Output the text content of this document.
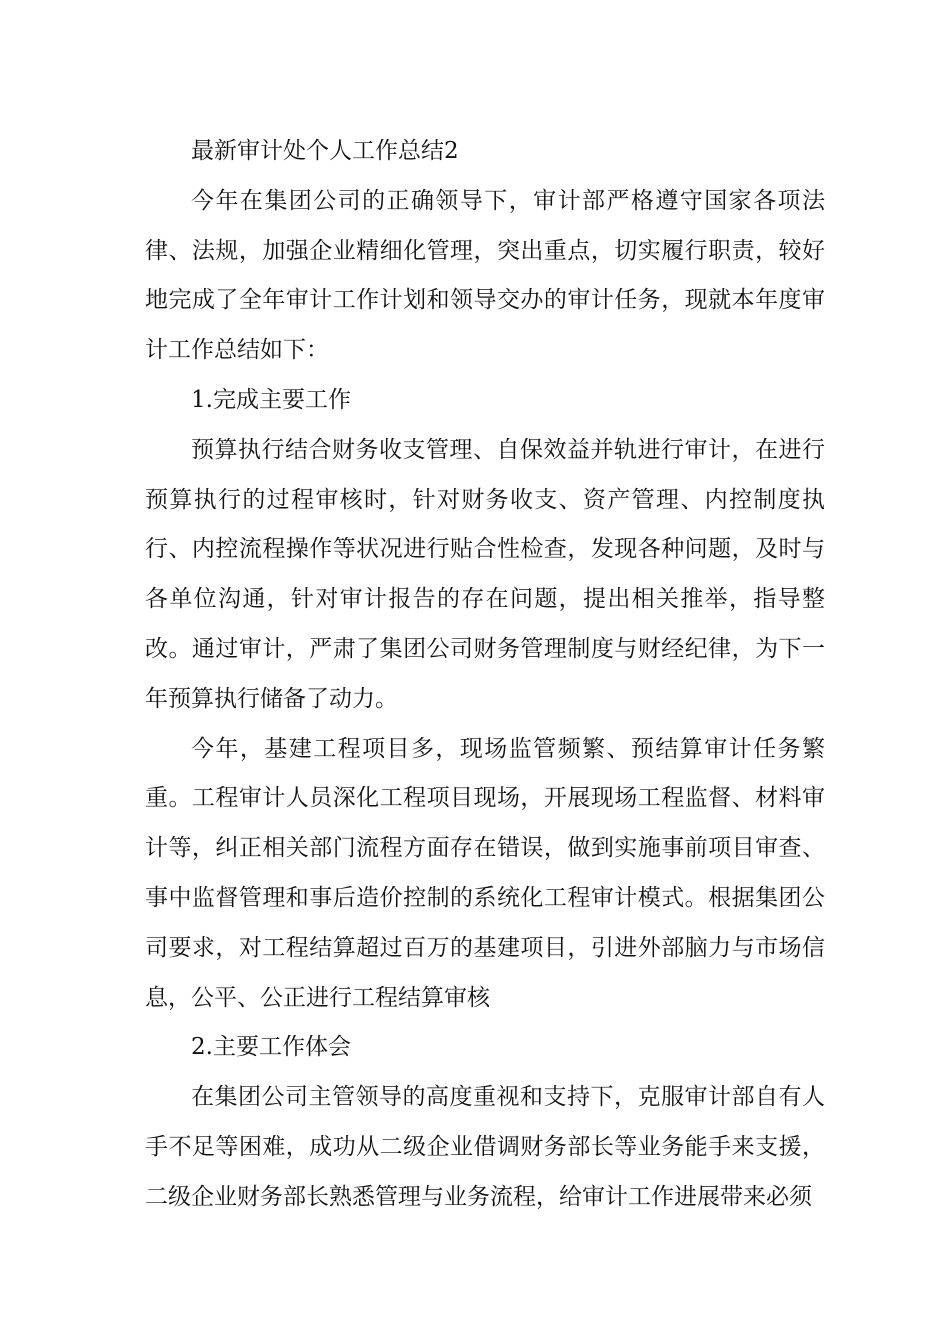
最新审计处个人工作总结2

今年在集团公司的正确领导下，审计部严格遵守国家各项法律、法规，加强企业精细化管理，突出重点，切实履行职责，较好地完成了全年审计工作计划和领导交办的审计任务，现就本年度审计工作总结如下：

1.完成主要工作

预算执行结合财务收支管理、自保效益并轨进行审计，在进行预算执行的过程审核时，针对财务收支、资产管理、内控制度执行、内控流程操作等状况进行贴合性检查，发现各种问题，及时与各单位沟通，针对审计报告的存在问题，提出相关推举，指导整改。通过审计，严肃了集团公司财务管理制度与财经纪律，为下一年预算执行储备了动力。

今年，基建工程项目多，现场监管频繁、预结算审计任务繁重。工程审计人员深化工程项目现场，开展现场工程监督、材料审计等，纠正相关部门流程方面存在错误，做到实施事前项目审查、事中监督管理和事后造价控制的系统化工程审计模式。根据集团公司要求，对工程结算超过百万的基建项目，引进外部脑力与市场信息，公平、公正进行工程结算审核

2.主要工作体会

在集团公司主管领导的高度重视和支持下，克服审计部自有人手不足等困难，成功从二级企业借调财务部长等业务能手来支援，二级企业财务部长熟悉管理与业务流程，给审计工作进展带来必须
